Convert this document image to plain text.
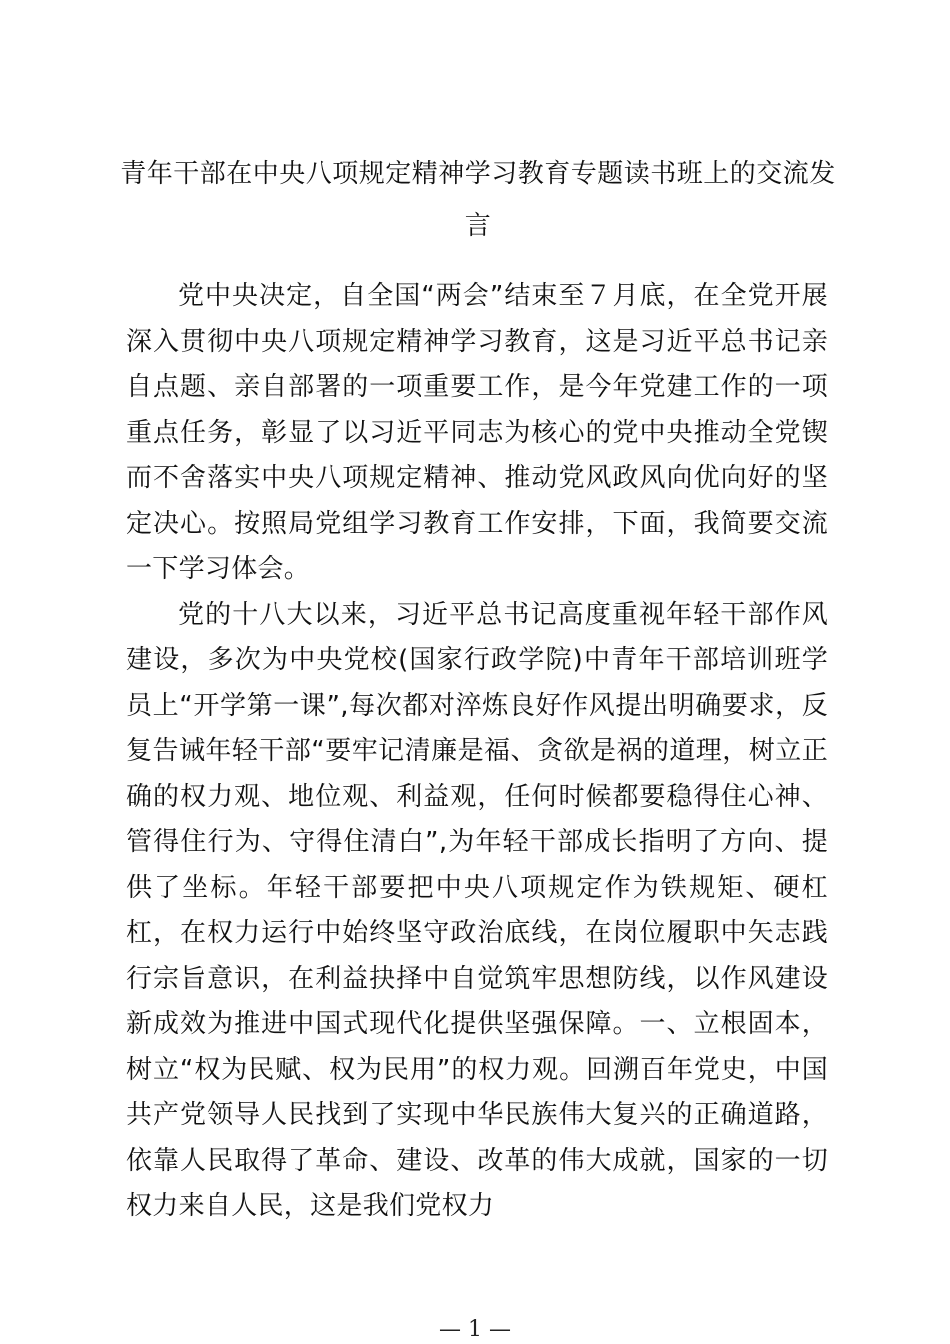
青年干部在中央八项规定精神学习教育专题读书班上的交流发言

党中央决定，自全国“两会”结束至７月底，在全党开展深入贯彻中央八项规定精神学习教育，这是习近平总书记亲自点题、亲自部署的一项重要工作，是今年党建工作的一项重点任务，彰显了以习近平同志为核心的党中央推动全党锲而不舍落实中央八项规定精神、推动党风政风向优向好的坚定决心。按照局党组学习教育工作安排，下面，我简要交流一下学习体会。

党的十八大以来，习近平总书记高度重视年轻干部作风建设，多次为中央党校(国家行政学院)中青年干部培训班学员上“开学第一课”,每次都对淬炼良好作风提出明确要求，反复告诫年轻干部“要牢记清廉是福、贪欲是祸的道理，树立正确的权力观、地位观、利益观，任何时候都要稳得住心神、管得住行为、守得住清白”,为年轻干部成长指明了方向、提供了坐标。年轻干部要把中央八项规定作为铁规矩、硬杠杠，在权力运行中始终坚守政治底线，在岗位履职中矢志践行宗旨意识，在利益抉择中自觉筑牢思想防线，以作风建设新成效为推进中国式现代化提供坚强保障。一、立根固本，树立“权为民赋、权为民用”的权力观。回溯百年党史，中国共产党领导人民找到了实现中华民族伟大复兴的正确道路，依靠人民取得了革命、建设、改革的伟大成就，国家的一切权力来自人民，这是我们党权力

— 1 —
